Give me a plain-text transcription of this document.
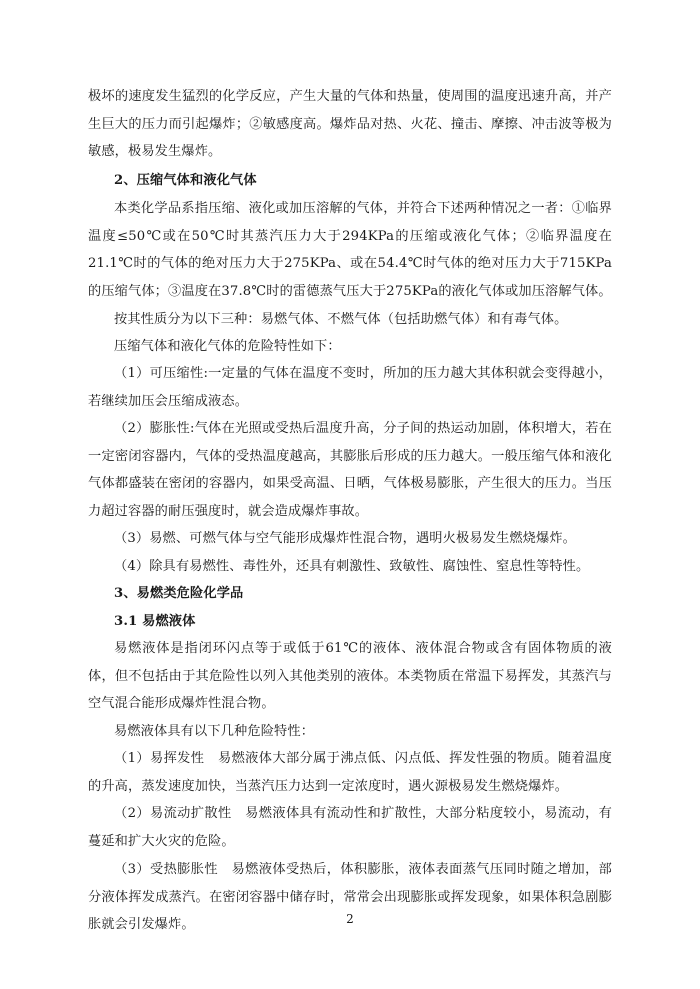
极坏的速度发生猛烈的化学反应，产生大量的气体和热量，使周围的温度迅速升高，并产生巨大的压力而引起爆炸；②敏感度高。爆炸品对热、火花、撞击、摩擦、冲击波等极为敏感，极易发生爆炸。

2、压缩气体和液化气体

本类化学品系指压缩、液化或加压溶解的气体，并符合下述两种情况之一者：①临界温度≤50℃或在50℃时其蒸汽压力大于294KPa的压缩或液化气体；②临界温度在21.1℃时的气体的绝对压力大于275KPa、或在54.4℃时气体的绝对压力大于715KPa的压缩气体；③温度在37.8℃时的雷德蒸气压大于275KPa的液化气体或加压溶解气体。

按其性质分为以下三种：易燃气体、不燃气体（包括助燃气体）和有毒气体。

压缩气体和液化气体的危险特性如下：

（1）可压缩性:一定量的气体在温度不变时，所加的压力越大其体积就会变得越小，若继续加压会压缩成液态。

（2）膨胀性:气体在光照或受热后温度升高，分子间的热运动加剧，体积增大，若在一定密闭容器内，气体的受热温度越高，其膨胀后形成的压力越大。一般压缩气体和液化气体都盛装在密闭的容器内，如果受高温、日晒，气体极易膨胀，产生很大的压力。当压力超过容器的耐压强度时，就会造成爆炸事故。

（3）易燃、可燃气体与空气能形成爆炸性混合物，遇明火极易发生燃烧爆炸。

（4）除具有易燃性、毒性外，还具有刺激性、致敏性、腐蚀性、窒息性等特性。

3、易燃类危险化学品

3.1 易燃液体

易燃液体是指闭环闪点等于或低于61℃的液体、液体混合物或含有固体物质的液体，但不包括由于其危险性以列入其他类别的液体。本类物质在常温下易挥发，其蒸汽与空气混合能形成爆炸性混合物。

易燃液体具有以下几种危险特性：

（1）易挥发性　易燃液体大部分属于沸点低、闪点低、挥发性强的物质。随着温度的升高，蒸发速度加快，当蒸汽压力达到一定浓度时，遇火源极易发生燃烧爆炸。

（2）易流动扩散性　易燃液体具有流动性和扩散性，大部分粘度较小，易流动，有蔓延和扩大火灾的危险。

（3）受热膨胀性　易燃液体受热后，体积膨胀，液体表面蒸气压同时随之增加，部分液体挥发成蒸汽。在密闭容器中储存时，常常会出现膨胀或挥发现象，如果体积急剧膨胀就会引发爆炸。	2
